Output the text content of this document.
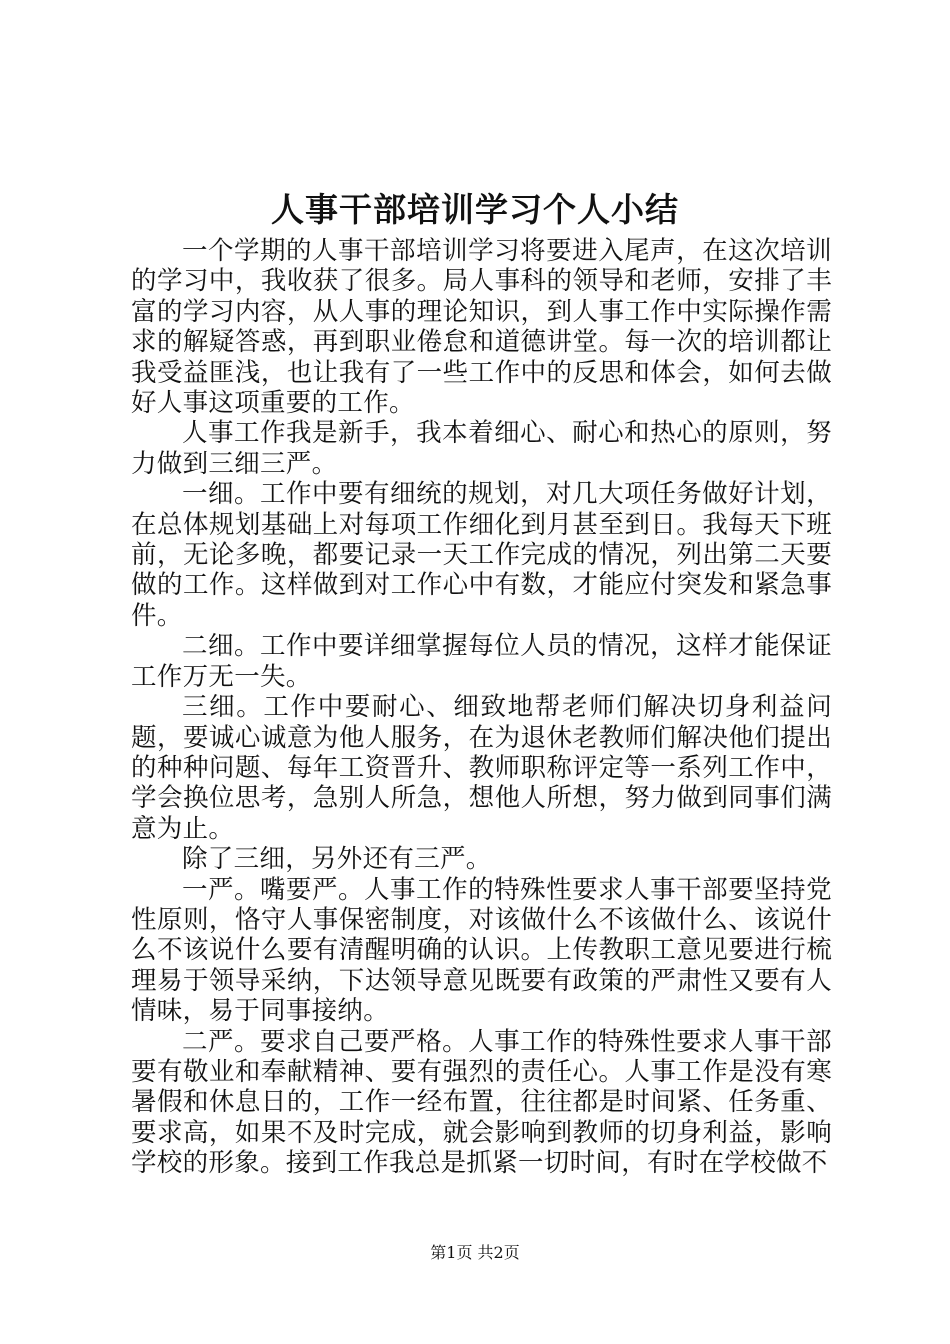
人事干部培训学习个人小结

一个学期的人事干部培训学习将要进入尾声，在这次培训的学习中，我收获了很多。局人事科的领导和老师，安排了丰富的学习内容，从人事的理论知识，到人事工作中实际操作需求的解疑答惑，再到职业倦怠和道德讲堂。每一次的培训都让我受益匪浅，也让我有了一些工作中的反思和体会，如何去做好人事这项重要的工作。

人事工作我是新手，我本着细心、耐心和热心的原则，努力做到三细三严。

一细。工作中要有细统的规划，对几大项任务做好计划，在总体规划基础上对每项工作细化到月甚至到日。我每天下班前，无论多晚，都要记录一天工作完成的情况，列出第二天要做的工作。这样做到对工作心中有数，才能应付突发和紧急事件。

二细。工作中要详细掌握每位人员的情况，这样才能保证工作万无一失。

三细。工作中要耐心、细致地帮老师们解决切身利益问题，要诚心诚意为他人服务，在为退休老教师们解决他们提出的种种问题、每年工资晋升、教师职称评定等一系列工作中，学会换位思考，急别人所急，想他人所想，努力做到同事们满意为止。

除了三细，另外还有三严。

一严。嘴要严。人事工作的特殊性要求人事干部要坚持党性原则，恪守人事保密制度，对该做什么不该做什么、该说什么不该说什么要有清醒明确的认识。上传教职工意见要进行梳理易于领导采纳，下达领导意见既要有政策的严肃性又要有人情味，易于同事接纳。

二严。要求自己要严格。人事工作的特殊性要求人事干部要有敬业和奉献精神、要有强烈的责任心。人事工作是没有寒暑假和休息日的，工作一经布置，往往都是时间紧、任务重、要求高，如果不及时完成，就会影响到教师的切身利益，影响学校的形象。接到工作我总是抓紧一切时间，有时在学校做不

第1页 共2页
